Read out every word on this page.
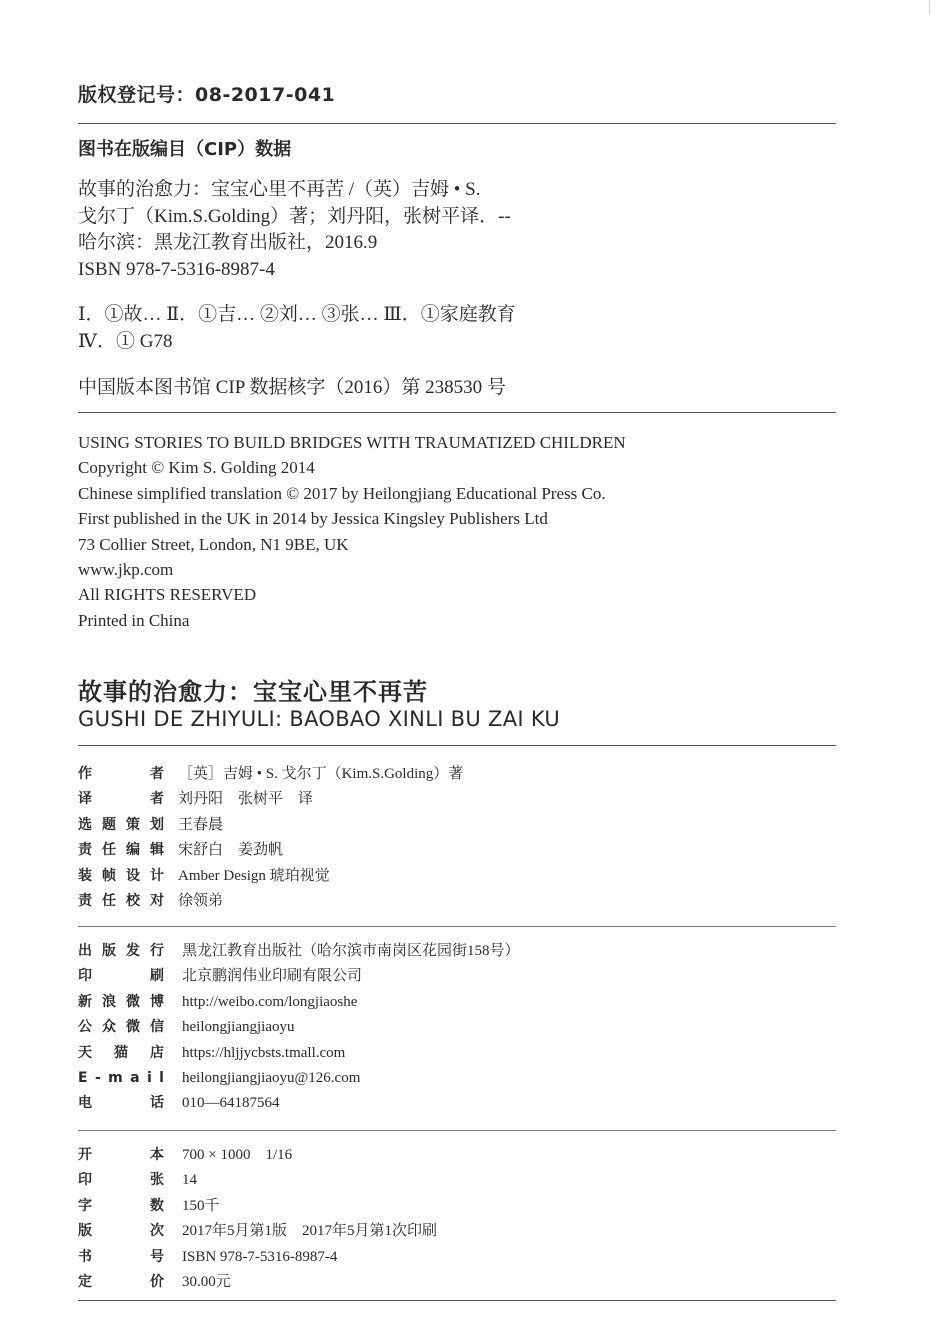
版权登记号：08-2017-041
图书在版编目（CIP）数据
故事的治愈力：宝宝心里不再苦 /（英）吉姆 • S.
戈尔丁（Kim.S.Golding）著；刘丹阳，张树平译．--
哈尔滨：黑龙江教育出版社，2016.9
ISBN 978-7-5316-8987-4
Ⅰ．①故… Ⅱ．①吉… ②刘… ③张… Ⅲ．①家庭教育
Ⅳ．① G78
中国版本图书馆 CIP 数据核字（2016）第 238530 号
USING STORIES TO BUILD BRIDGES WITH TRAUMATIZED CHILDREN
Copyright © Kim S. Golding 2014
Chinese simplified translation © 2017 by Heilongjiang Educational Press Co.
First published in the UK in 2014 by Jessica Kingsley Publishers Ltd
73 Collier Street, London, N1 9BE, UK
www.jkp.com
All RIGHTS RESERVED
Printed in China
故事的治愈力：宝宝心里不再苦
GUSHI DE ZHIYULI: BAOBAO XINLI BU ZAI KU
作	者 ［英］吉姆 • S. 戈尔丁（Kim.S.Golding）著
译	者 刘丹阳　张树平　译
选 题 策 划 王春晨
责 任 编 辑 宋舒白　姜劲帆
装 帧 设 计 Amber Design 琥珀视觉
责 任 校 对 徐领弟
出 版 发 行 黑龙江教育出版社（哈尔滨市南岗区花园街158号）
印	刷 北京鹏润伟业印刷有限公司
新 浪 微 博 http://weibo.com/longjiaoshe
公 众 微 信 heilongjiangjiaoyu
天 猫 店 https://hljjycbsts.tmall.com
E - m a i l heilongjiangjiaoyu@126.com
电	话 010—64187564
开	本 700 × 1000　1/16
印	张 14
字	数 150千
版	次 2017年5月第1版　2017年5月第1次印刷
书	号 ISBN 978-7-5316-8987-4
定	价 30.00元
